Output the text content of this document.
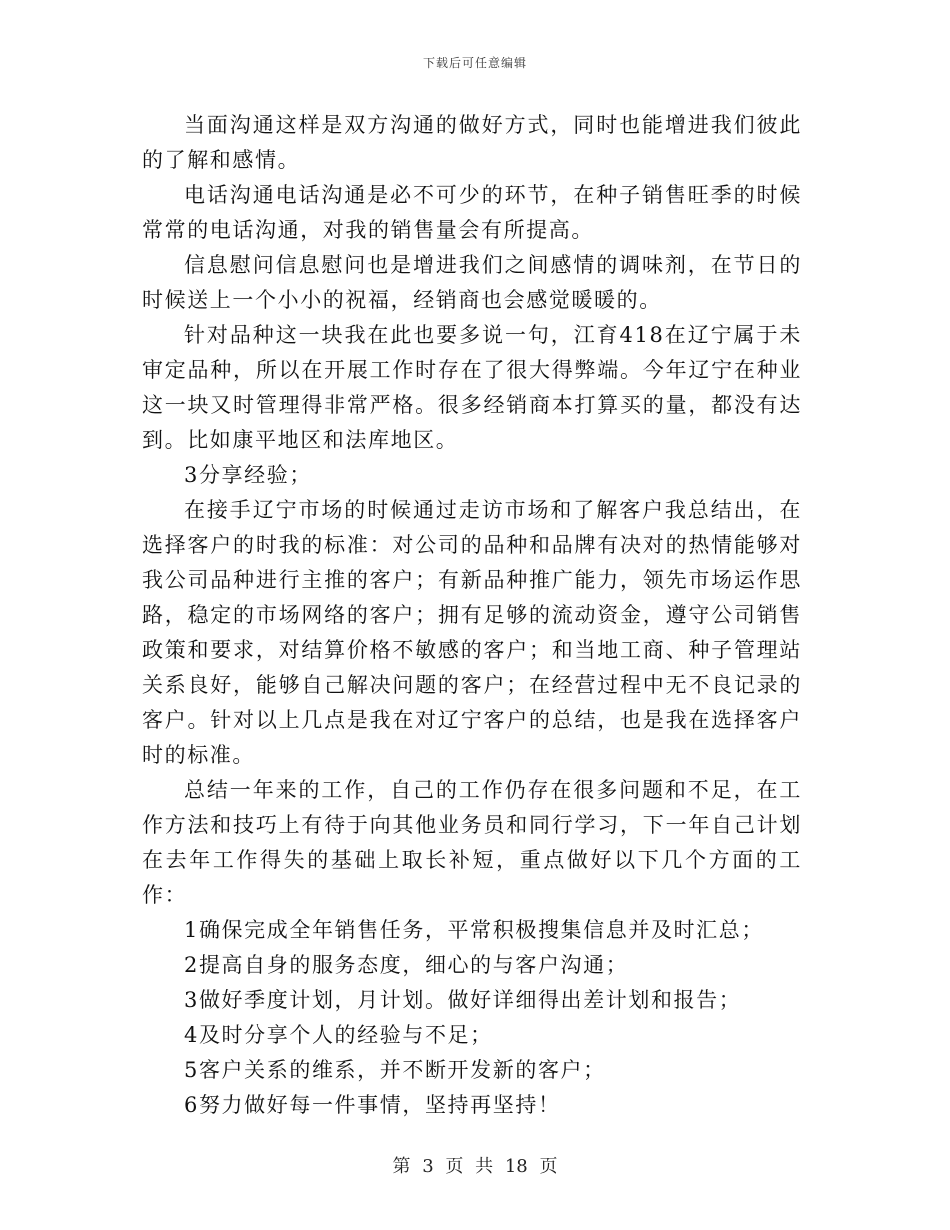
下载后可任意编辑

当面沟通这样是双方沟通的做好方式，同时也能增进我们彼此的了解和感情。

电话沟通电话沟通是必不可少的环节，在种子销售旺季的时候常常的电话沟通，对我的销售量会有所提高。

信息慰问信息慰问也是增进我们之间感情的调味剂，在节日的时候送上一个小小的祝福，经销商也会感觉暖暖的。

针对品种这一块我在此也要多说一句，江育418在辽宁属于未审定品种，所以在开展工作时存在了很大得弊端。今年辽宁在种业这一块又时管理得非常严格。很多经销商本打算买的量，都没有达到。比如康平地区和法库地区。

3分享经验；

在接手辽宁市场的时候通过走访市场和了解客户我总结出，在选择客户的时我的标准：对公司的品种和品牌有决对的热情能够对我公司品种进行主推的客户；有新品种推广能力，领先市场运作思路，稳定的市场网络的客户；拥有足够的流动资金，遵守公司销售政策和要求，对结算价格不敏感的客户；和当地工商、种子管理站关系良好，能够自己解决问题的客户；在经营过程中无不良记录的客户。针对以上几点是我在对辽宁客户的总结，也是我在选择客户时的标准。

总结一年来的工作，自己的工作仍存在很多问题和不足，在工作方法和技巧上有待于向其他业务员和同行学习，下一年自己计划在去年工作得失的基础上取长补短，重点做好以下几个方面的工作：

1确保完成全年销售任务，平常积极搜集信息并及时汇总；

2提高自身的服务态度，细心的与客户沟通；

3做好季度计划，月计划。做好详细得出差计划和报告；

4及时分享个人的经验与不足；

5客户关系的维系，并不断开发新的客户；

6努力做好每一件事情，坚持再坚持！

第 3 页 共 18 页
